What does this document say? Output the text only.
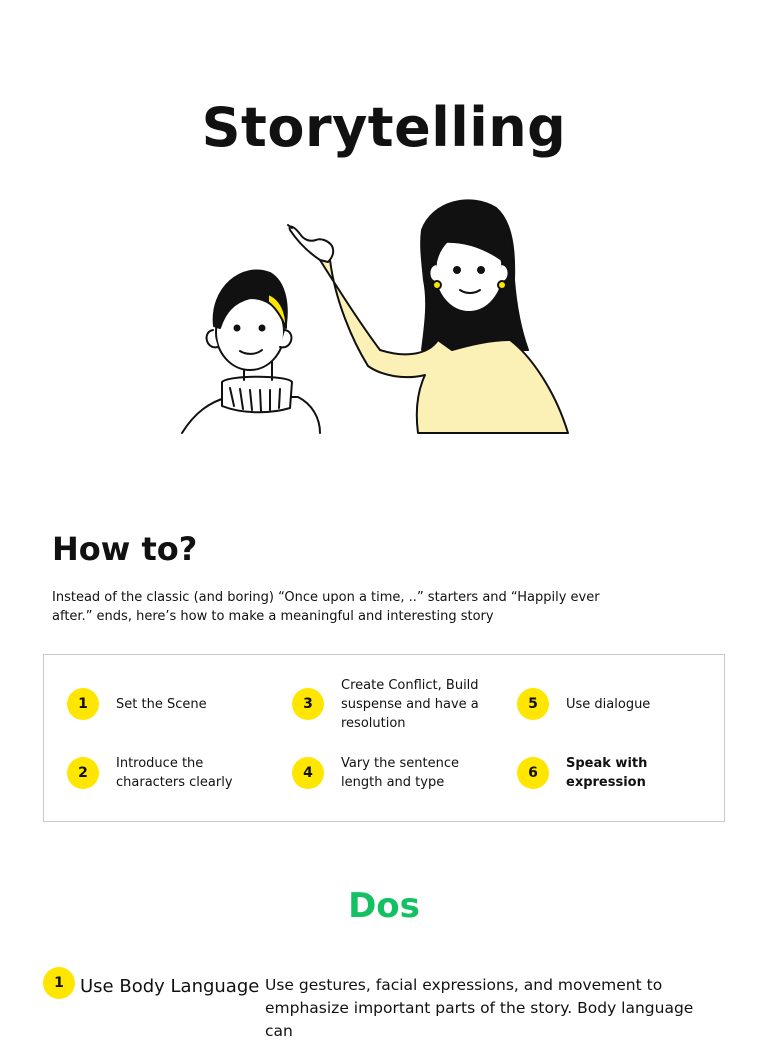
Storytelling
How to?

Instead of the classic (and boring) “Once upon a time, ..” starters and “Happily ever after.” ends, here’s how to make a meaningful and interesting story

1	Set the Scene
2
Introduce the characters clearly
3
Create Conflict, Build suspense and have a resolution
4
Vary the sentence length and type
5	Use dialogue
6
Speak with expression
Dos
1 Use Body Language Use gestures, facial expressions, and movement to emphasize important parts of the story. Body language can
